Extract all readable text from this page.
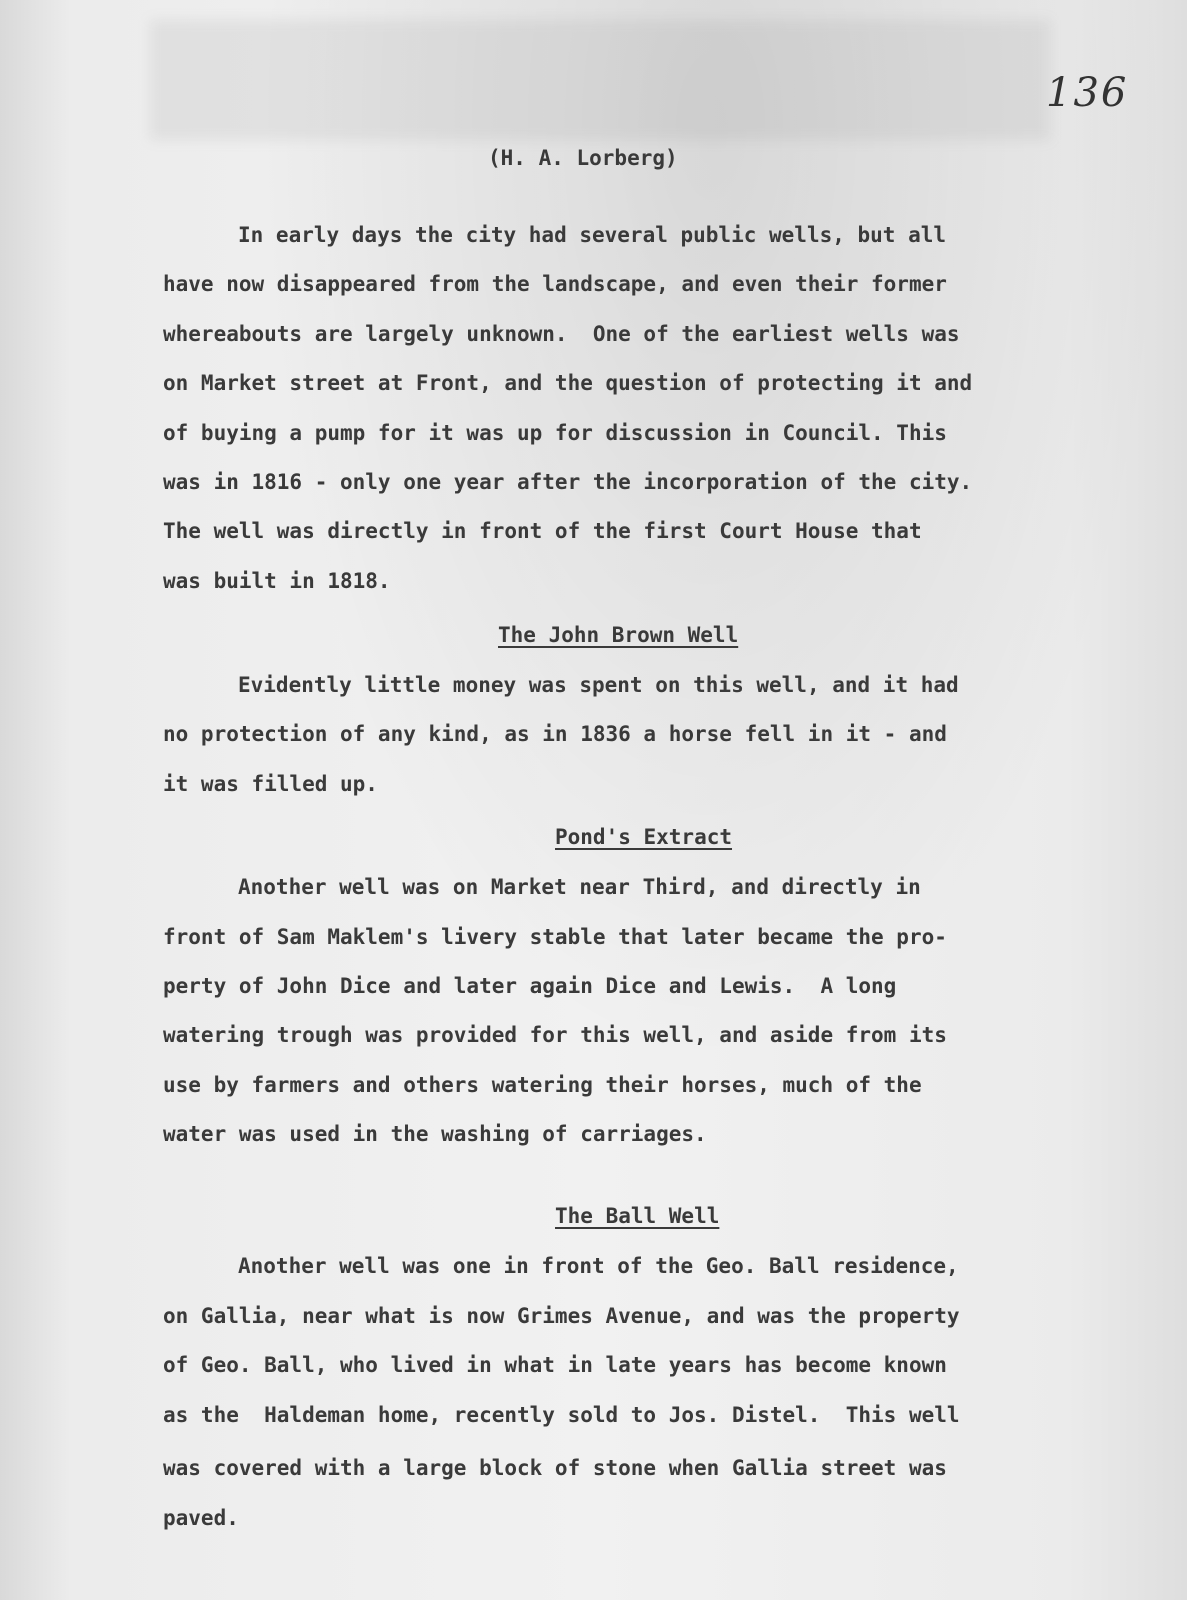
136
(H. A. Lorberg)
In early days the city had several public wells, but all
have now disappeared from the landscape, and even their former
whereabouts are largely unknown.  One of the earliest wells was
on Market street at Front, and the question of protecting it and
of buying a pump for it was up for discussion in Council. This
was in 1816 - only one year after the incorporation of the city.
The well was directly in front of the first Court House that
was built in 1818.
The John Brown Well
Evidently little money was spent on this well, and it had
no protection of any kind, as in 1836 a horse fell in it - and
it was filled up.
Pond's Extract
Another well was on Market near Third, and directly in
front of Sam Maklem's livery stable that later became the pro-
perty of John Dice and later again Dice and Lewis.  A long
watering trough was provided for this well, and aside from its
use by farmers and others watering their horses, much of the
water was used in the washing of carriages.
The Ball Well
Another well was one in front of the Geo. Ball residence,
on Gallia, near what is now Grimes Avenue, and was the property
of Geo. Ball, who lived in what in late years has become known
as the  Haldeman home, recently sold to Jos. Distel.  This well
was covered with a large block of stone when Gallia street was
paved.
